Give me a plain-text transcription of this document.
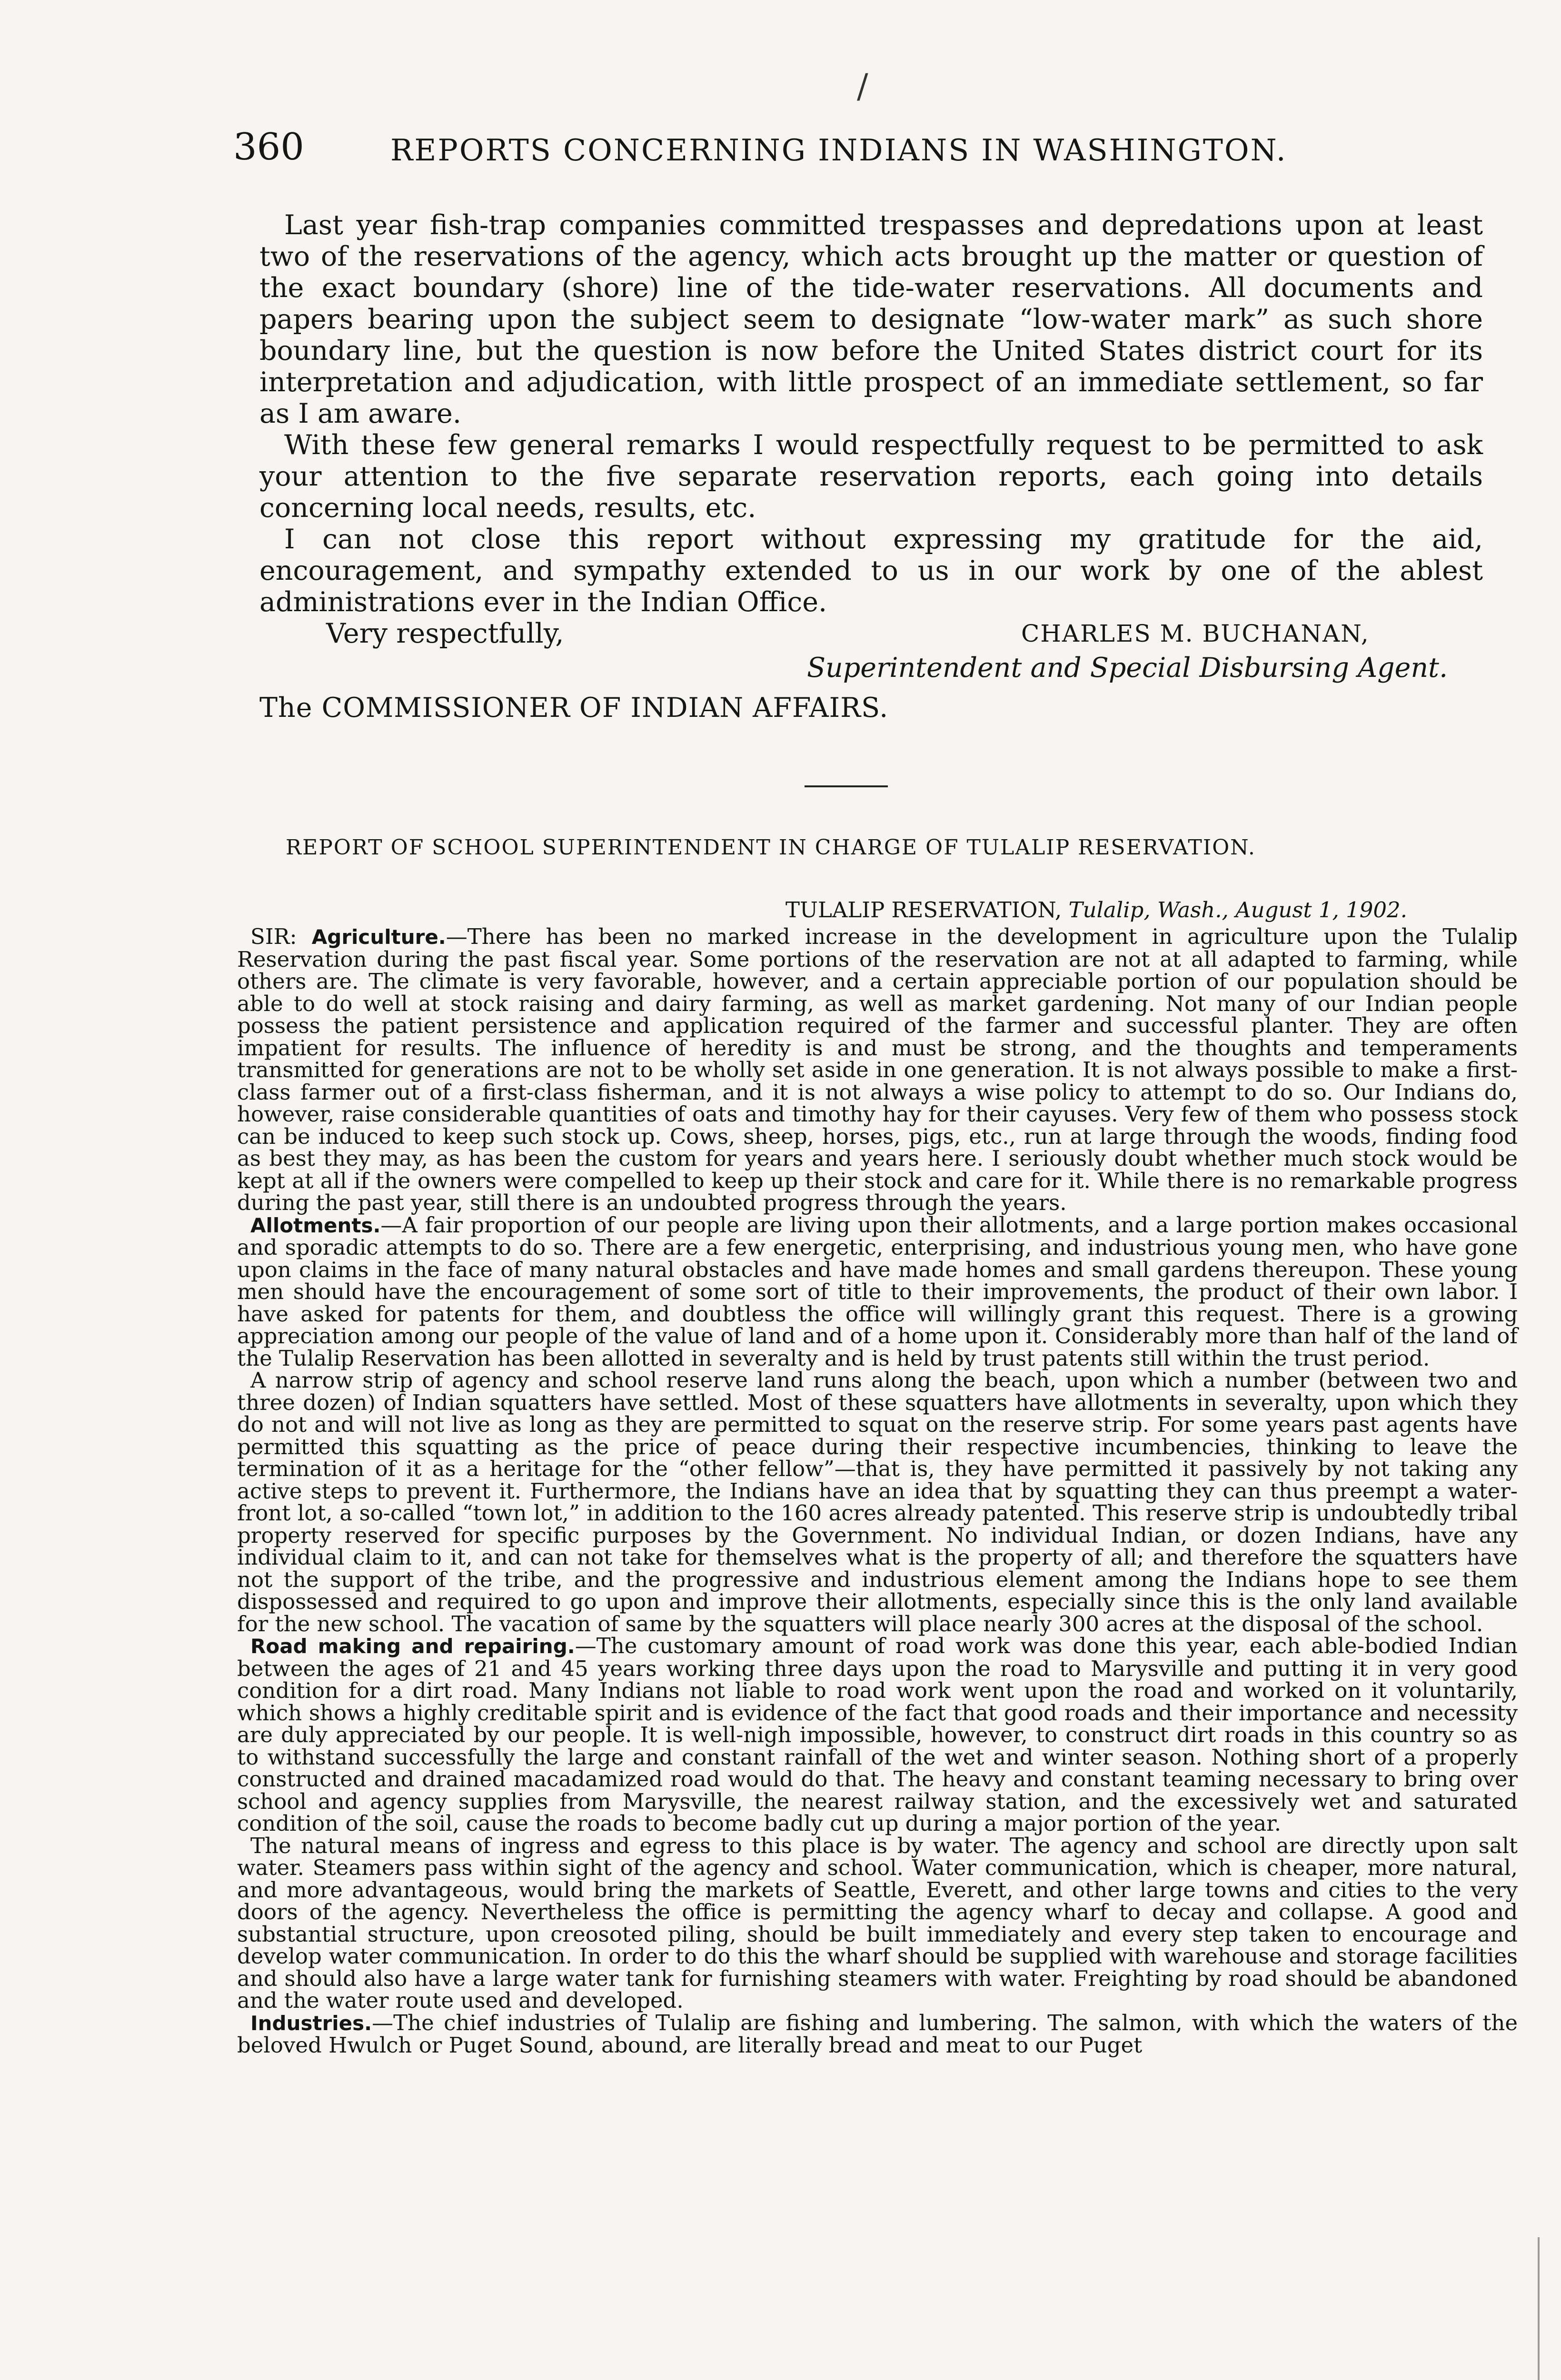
/
360	REPORTS CONCERNING INDIANS IN WASHINGTON.

Last year fish-trap companies committed trespasses and depredations upon at least two of the reservations of the agency, which acts brought up the matter or question of the exact boundary (shore) line of the tide-water reservations. All documents and papers bearing upon the subject seem to designate “low-water mark” as such shore boundary line, but the question is now before the United States district court for its interpretation and adjudication, with little prospect of an immediate settlement, so far as I am aware.

With these few general remarks I would respectfully request to be permitted to ask your attention to the five separate reservation reports, each going into details concerning local needs, results, etc.

I can not close this report without expressing my gratitude for the aid, encouragement, and sympathy extended to us in our work by one of the ablest administrations ever in the Indian Office.

Very respectfully,	CHARLES M. BUCHANAN,
Superintendent and Special Disbursing Agent.
The COMMISSIONER OF INDIAN AFFAIRS.
REPORT OF SCHOOL SUPERINTENDENT IN CHARGE OF TULALIP RESERVATION.
TULALIP RESERVATION, Tulalip, Wash., August 1, 1902.

SIR: Agriculture.—There has been no marked increase in the development in agriculture upon the Tulalip Reservation during the past fiscal year. Some portions of the reservation are not at all adapted to farming, while others are. The climate is very favorable, however, and a certain appreciable portion of our population should be able to do well at stock raising and dairy farming, as well as market gardening. Not many of our Indian people possess the patient persistence and application required of the farmer and successful planter. They are often impatient for results. The influence of heredity is and must be strong, and the thoughts and temperaments transmitted for generations are not to be wholly set aside in one generation. It is not always possible to make a first-class farmer out of a first-class fisherman, and it is not always a wise policy to attempt to do so. Our Indians do, however, raise considerable quantities of oats and timothy hay for their cayuses. Very few of them who possess stock can be induced to keep such stock up. Cows, sheep, horses, pigs, etc., run at large through the woods, finding food as best they may, as has been the custom for years and years here. I seriously doubt whether much stock would be kept at all if the owners were compelled to keep up their stock and care for it. While there is no remarkable progress during the past year, still there is an undoubted progress through the years.

Allotments.—A fair proportion of our people are living upon their allotments, and a large portion makes occasional and sporadic attempts to do so. There are a few energetic, enterprising, and industrious young men, who have gone upon claims in the face of many natural obstacles and have made homes and small gardens thereupon. These young men should have the encouragement of some sort of title to their improvements, the product of their own labor. I have asked for patents for them, and doubtless the office will willingly grant this request. There is a growing appreciation among our people of the value of land and of a home upon it. Considerably more than half of the land of the Tulalip Reservation has been allotted in severalty and is held by trust patents still within the trust period.

A narrow strip of agency and school reserve land runs along the beach, upon which a number (between two and three dozen) of Indian squatters have settled. Most of these squatters have allotments in severalty, upon which they do not and will not live as long as they are permitted to squat on the reserve strip. For some years past agents have permitted this squatting as the price of peace during their respective incumbencies, thinking to leave the termination of it as a heritage for the “other fellow”—that is, they have permitted it passively by not taking any active steps to prevent it. Furthermore, the Indians have an idea that by squatting they can thus preempt a water-front lot, a so-called “town lot,” in addition to the 160 acres already patented. This reserve strip is undoubtedly tribal property reserved for specific purposes by the Government. No individual Indian, or dozen Indians, have any individual claim to it, and can not take for themselves what is the property of all; and therefore the squatters have not the support of the tribe, and the progressive and industrious element among the Indians hope to see them dispossessed and required to go upon and improve their allotments, especially since this is the only land available for the new school. The vacation of same by the squatters will place nearly 300 acres at the disposal of the school.

Road making and repairing.—The customary amount of road work was done this year, each able-bodied Indian between the ages of 21 and 45 years working three days upon the road to Marysville and putting it in very good condition for a dirt road. Many Indians not liable to road work went upon the road and worked on it voluntarily, which shows a highly creditable spirit and is evidence of the fact that good roads and their importance and necessity are duly appreciated by our people. It is well-nigh impossible, however, to construct dirt roads in this country so as to withstand successfully the large and constant rainfall of the wet and winter season. Nothing short of a properly constructed and drained macadamized road would do that. The heavy and constant teaming necessary to bring over school and agency supplies from Marysville, the nearest railway station, and the excessively wet and saturated condition of the soil, cause the roads to become badly cut up during a major portion of the year.

The natural means of ingress and egress to this place is by water. The agency and school are directly upon salt water. Steamers pass within sight of the agency and school. Water communication, which is cheaper, more natural, and more advantageous, would bring the markets of Seattle, Everett, and other large towns and cities to the very doors of the agency. Nevertheless the office is permitting the agency wharf to decay and collapse. A good and substantial structure, upon creosoted piling, should be built immediately and every step taken to encourage and develop water communication. In order to do this the wharf should be supplied with warehouse and storage facilities and should also have a large water tank for furnishing steamers with water. Freighting by road should be abandoned and the water route used and developed.

Industries.—The chief industries of Tulalip are fishing and lumbering. The salmon, with which the waters of the beloved Hwulch or Puget Sound, abound, are literally bread and meat to our Puget
